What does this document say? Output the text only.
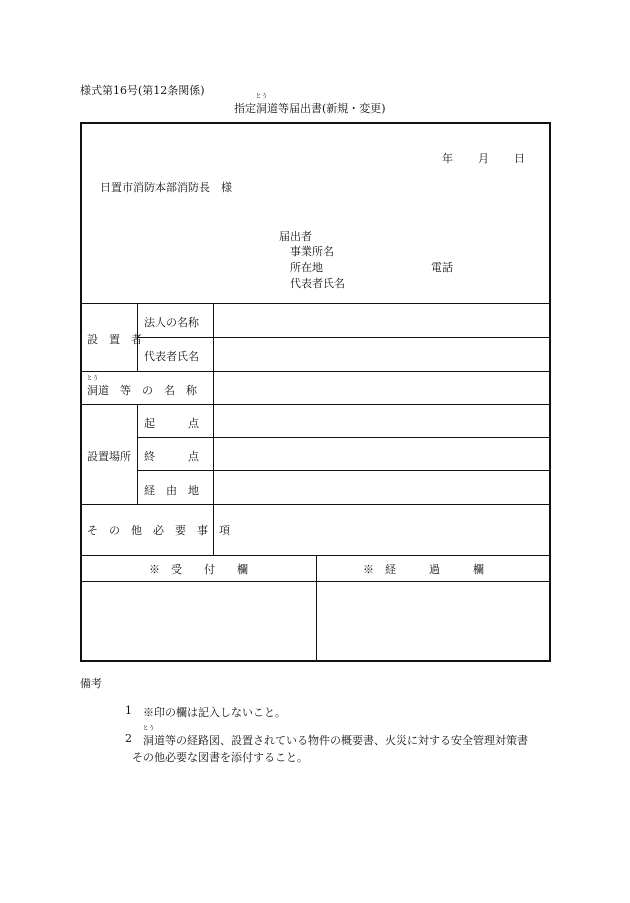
様式第16号(第12条関係)
指定
とう
洞道等届出書(新規・変更)
年 月 日
日置市消防本部消防長　様
届出者
事業所名
所在地	電話
代表者氏名
設　置　者
法人の名称
代表者氏名
とう
洞道　等　の　名　称
設置場所
起　　　点
終　　　点
経　由　地
そ　の　他　必　要　事　項
※　受　　付　　欄	※　経　　　過　　　欄
備考
1 ※印の欄は記入しないこと。
2
とう
洞道等の経路図、設置されている物件の概要書、火災に対する安全管理対策書
その他必要な図書を添付すること。
